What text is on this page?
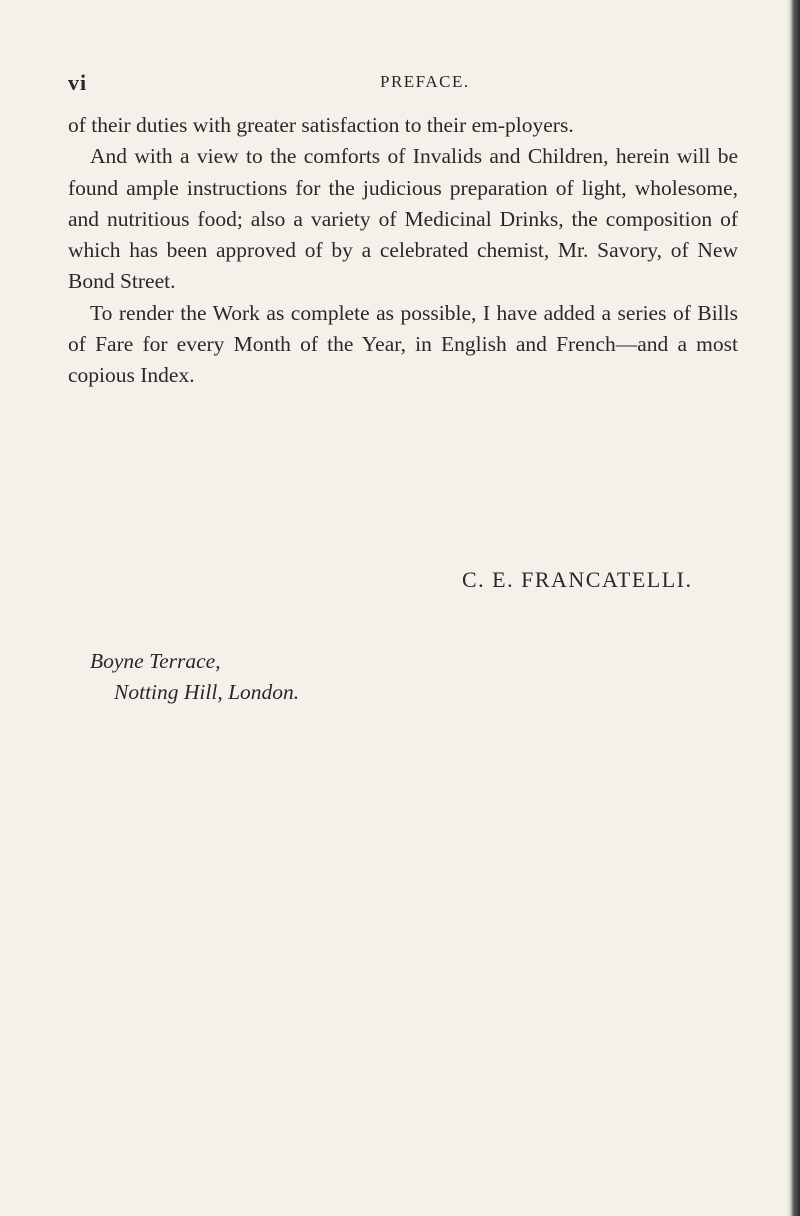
vi	PREFACE.

of their duties with greater satisfaction to their em-ployers.

And with a view to the comforts of Invalids and Children, herein will be found ample instructions for the judicious preparation of light, wholesome, and nutritious food; also a variety of Medicinal Drinks, the composition of which has been approved of by a celebrated chemist, Mr. Savory, of New Bond Street.

To render the Work as complete as possible, I have added a series of Bills of Fare for every Month of the Year, in English and French—and a most copious Index.

C. E. FRANCATELLI.
Boyne Terrace,
Notting Hill, London.
